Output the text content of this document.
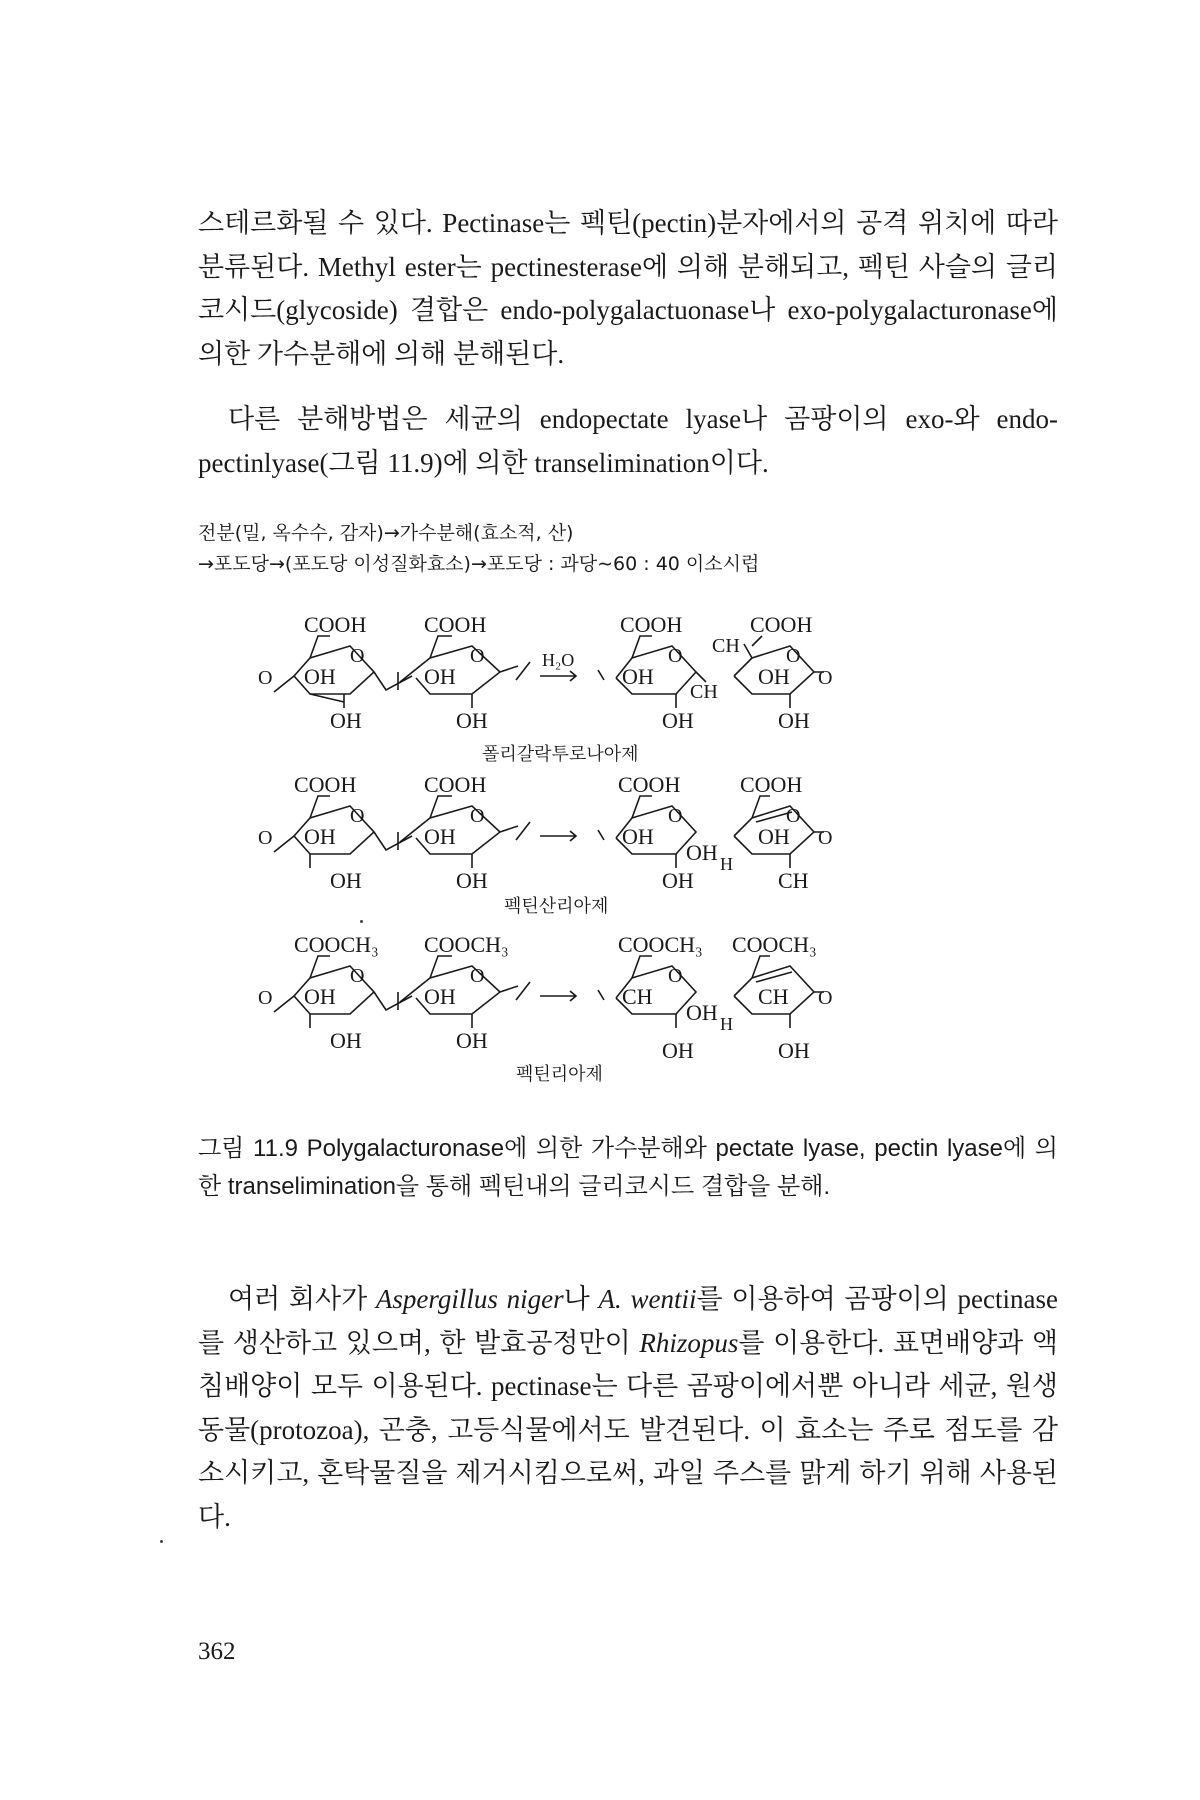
스테르화될 수 있다. Pectinase는 펙틴(pectin)분자에서의 공격 위치에 따라 분류된다. Methyl ester는 pectinesterase에 의해 분해되고, 펙틴 사슬의 글리코시드(glycoside) 결합은 endo-polygalactuonase나 exo-polygalacturonase에 의한 가수분해에 의해 분해된다.

다른 분해방법은 세균의 endopectate lyase나 곰팡이의 exo-와 endo-pectinlyase(그림 11.9)에 의한 transelimination이다.

전분(밀, 옥수수, 감자)→가수분해(효소적, 산)
→포도당→(포도당 이성질화효소)→포도당 : 과당∼60 : 40 이소시럽
COOH	COOH	COOH	COOH
O	O	O	O
O	O
OH	OH	OH	OH
OH	OH	OH	OH
H₂O
CH
CH
폴리갈락투로나아제
COOH	COOH	COOH	COOH
O	O	O	O
O	O
OH	OH	OH	OH
OH	OH	OH	CH
OH H
펙틴산리아제
COOCH₃ COOCH₃	COOCH₃ COOCH₃
O	O	O
O
O OH	OH	CH	CH
OH	OH	OH	OH
OH H
펙틴리아제
그림 11.9 Polygalacturonase에 의한 가수분해와 pectate lyase, pectin lyase에 의한 transelimination을 통해 펙틴내의 글리코시드 결합을 분해.

여러 회사가 Aspergillus niger나 A. wentii를 이용하여 곰팡이의 pectinase를 생산하고 있으며, 한 발효공정만이 Rhizopus를 이용한다. 표면배양과 액침배양이 모두 이용된다. pectinase는 다른 곰팡이에서뿐 아니라 세균, 원생동물(protozoa), 곤충, 고등식물에서도 발견된다. 이 효소는 주로 점도를 감소시키고, 혼탁물질을 제거시킴으로써, 과일 주스를 맑게 하기 위해 사용된다.

362
